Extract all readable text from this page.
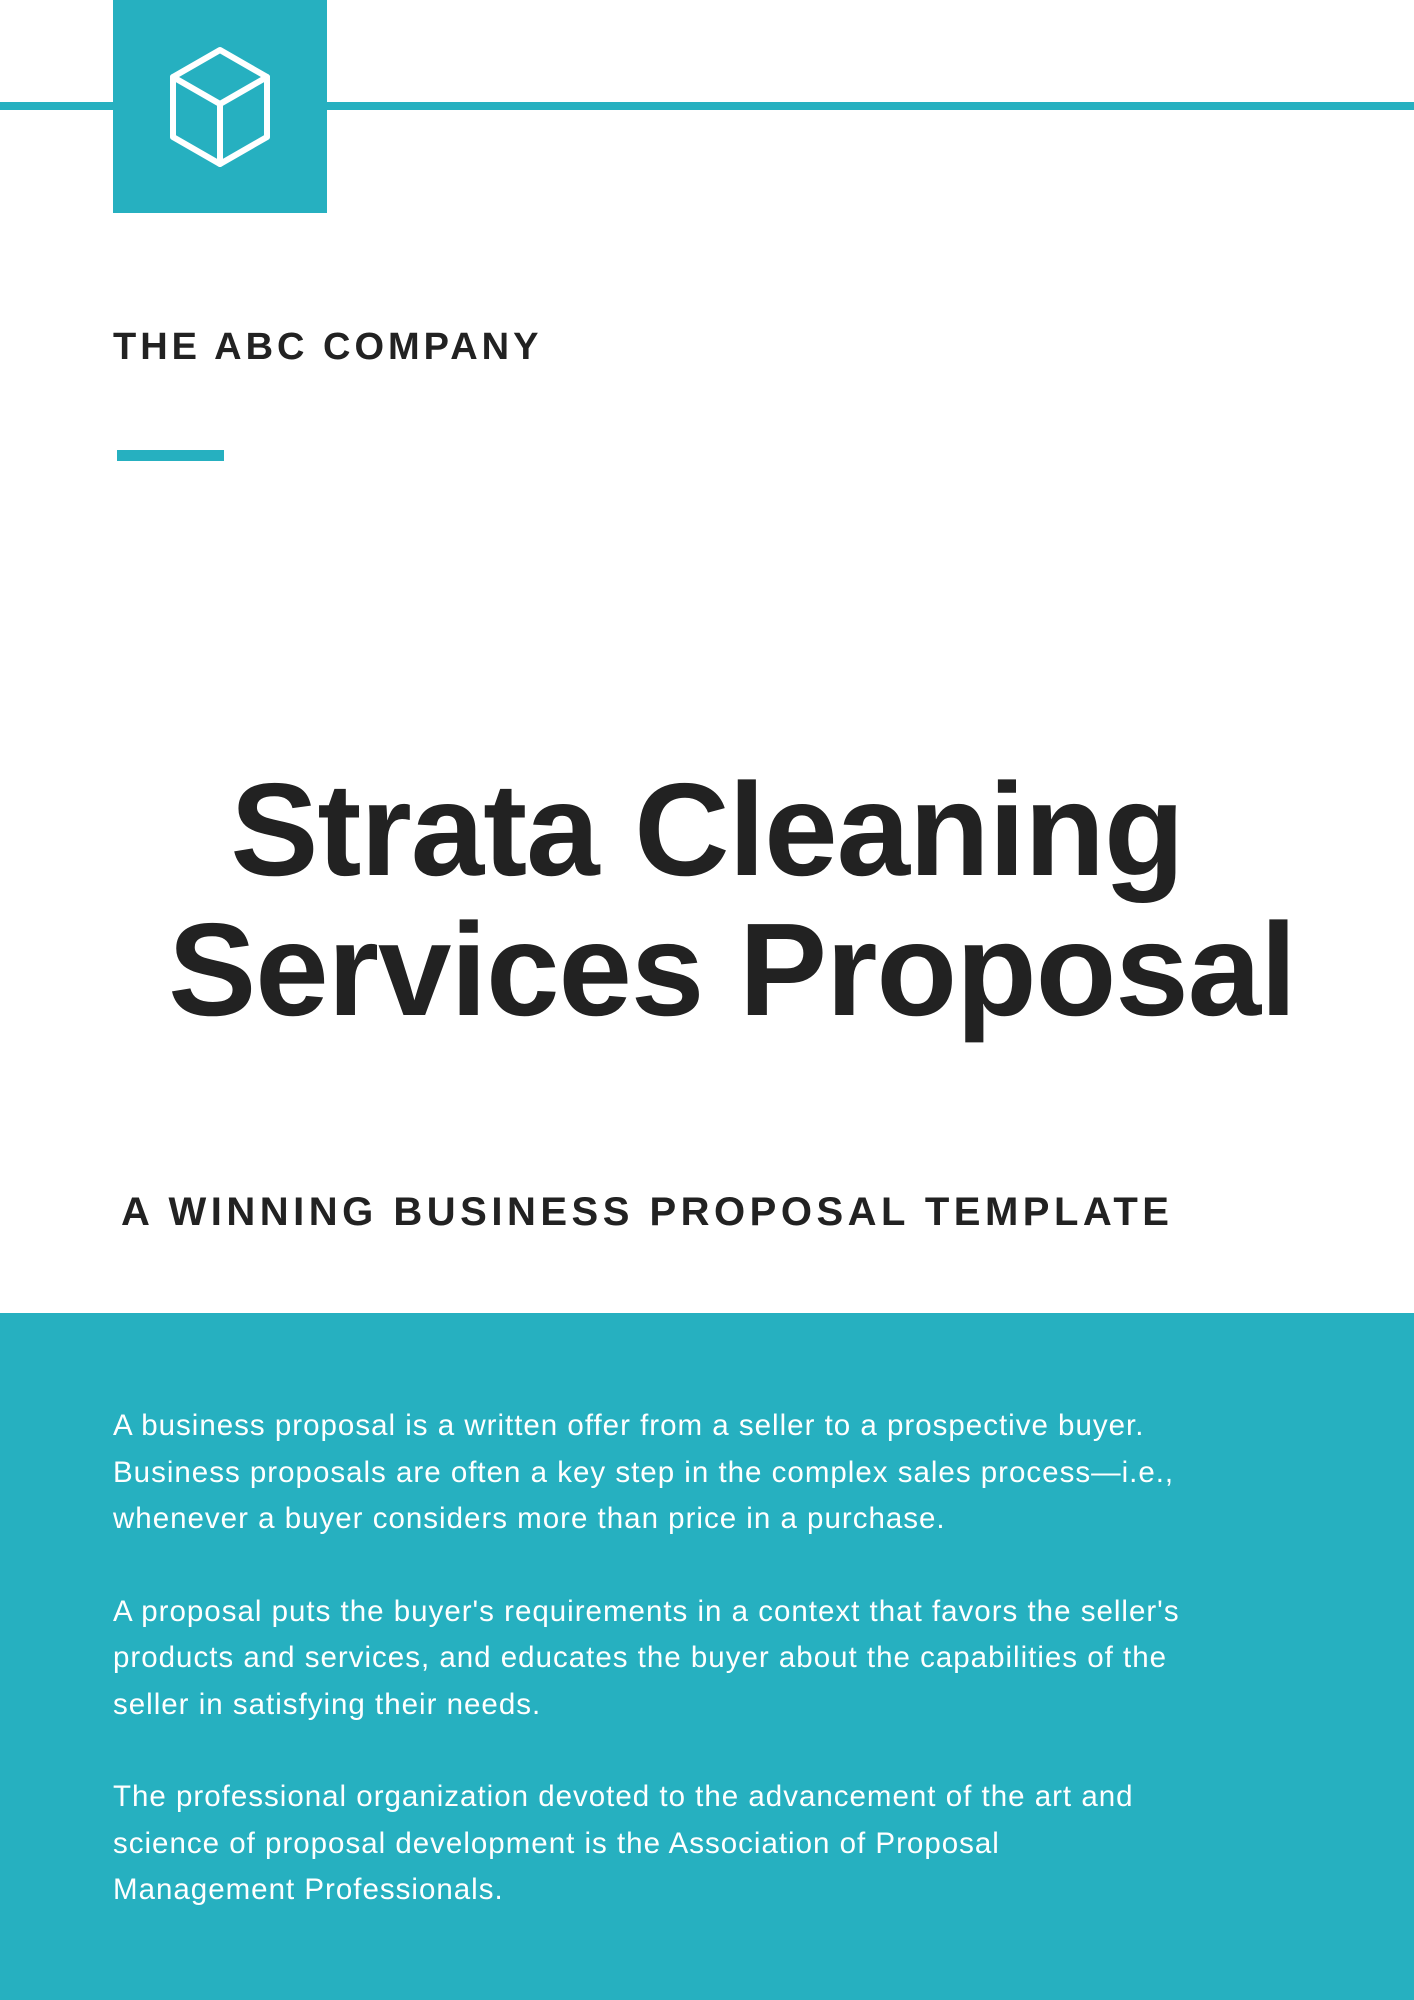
THE ABC COMPANY
Strata Cleaning
Services Proposal
A WINNING BUSINESS PROPOSAL TEMPLATE

A business proposal is a written offer from a seller to a prospective buyer.
Business proposals are often a key step in the complex sales process—i.e.,
whenever a buyer considers more than price in a purchase.

A proposal puts the buyer's requirements in a context that favors the seller's
products and services, and educates the buyer about the capabilities of the
seller in satisfying their needs.

The professional organization devoted to the advancement of the art and
science of proposal development is the Association of Proposal
Management Professionals.
